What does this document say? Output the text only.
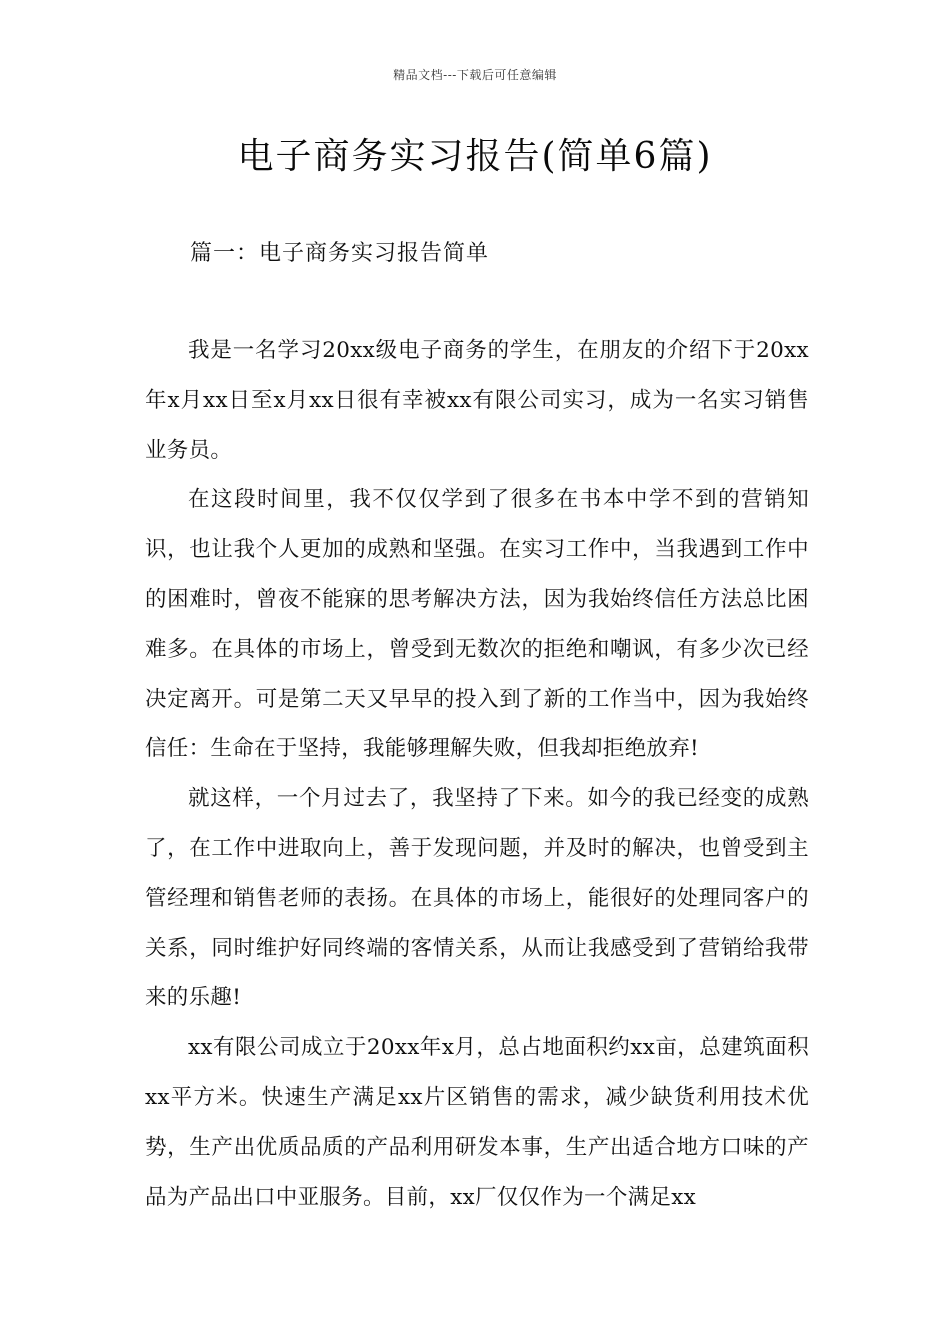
精品文档---下载后可任意编辑
电子商务实习报告(简单6篇)
篇一：电子商务实习报告简单

我是一名学习20xx级电子商务的学生，在朋友的介绍下于20xx年x月xx日至x月xx日很有幸被xx有限公司实习，成为一名实习销售业务员。

在这段时间里，我不仅仅学到了很多在书本中学不到的营销知识，也让我个人更加的成熟和坚强。在实习工作中，当我遇到工作中的困难时，曾夜不能寐的思考解决方法，因为我始终信任方法总比困难多。在具体的市场上，曾受到无数次的拒绝和嘲讽，有多少次已经决定离开。可是第二天又早早的投入到了新的工作当中，因为我始终信任：生命在于坚持，我能够理解失败，但我却拒绝放弃!

就这样，一个月过去了，我坚持了下来。如今的我已经变的成熟了，在工作中进取向上，善于发现问题，并及时的解决，也曾受到主管经理和销售老师的表扬。在具体的市场上，能很好的处理同客户的关系，同时维护好同终端的客情关系，从而让我感受到了营销给我带来的乐趣!

xx有限公司成立于20xx年x月，总占地面积约xx亩，总建筑面积xx平方米。快速生产满足xx片区销售的需求，减少缺货利用技术优势，生产出优质品质的产品利用研发本事，生产出适合地方口味的产品为产品出口中亚服务。目前，xx厂仅仅作为一个满足xx
